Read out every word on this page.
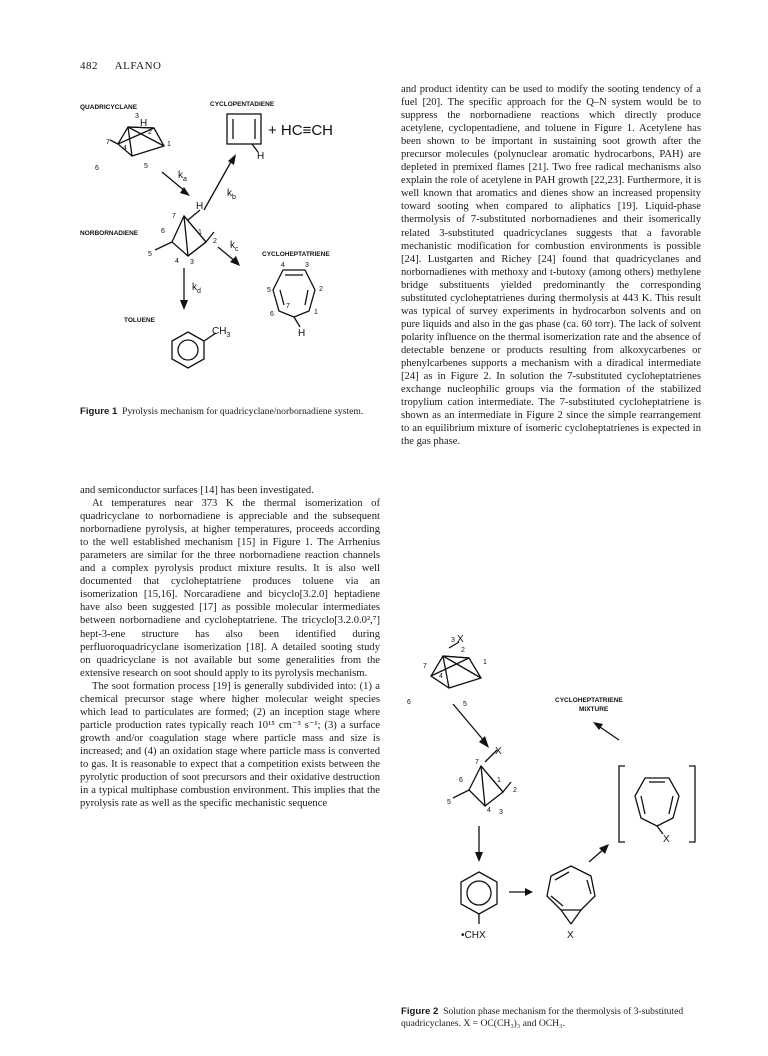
482 ALFANO
QUADRICYCLANE	CYCLOPENTADIENE
3
H
2
4
7	1
6	5
H
+ HC≡CH
$k_a$
$k_b$
NORBORNADIENE
H
7
6
2
5
4 3
1
$k_c$
CYCLOHEPTATRIENE
4	3
5	2
6
7
1
H
$k_d$
TOLUENE
$CH_3$
Figure 1 Pyrolysis mechanism for quadricyclane/norbornadiene system.

and semiconductor surfaces [14] has been investigated.

At temperatures near 373 K the thermal isomerization of quadricyclane to norbornadiene is appreciable and the subsequent norbornadiene pyrolysis, at higher temperatures, proceeds according to the well established mechanism [15] in Figure 1. The Arrhenius parameters are similar for the three norbornadiene reaction channels and a complex pyrolysis product mixture results. It is also well documented that cycloheptatriene produces toluene via an isomerization [15,16]. Norcaradiene and bicyclo[3.2.0] heptadiene have also been suggested [17] as possible molecular intermediates between norbornadiene and cycloheptatriene. The tricyclo[3.2.0.0²,⁷] hept-3-ene structure has also been identified during perfluoroquadricyclane isomerization [18]. A detailed sooting study on quadricyclane is not available but some generalities from the extensive research on soot should apply to its pyrolysis mechanism.

The soot formation process [19] is generally subdivided into: (1) a chemical precursor stage where higher molecular weight species which lead to particulates are formed; (2) an inception stage where particle production rates typically reach 10¹⁵ cm⁻³ s⁻¹; (3) a surface growth and/or coagulation stage where particle mass and size is increased; and (4) an oxidation stage where particle mass is converted to gas. It is reasonable to expect that a competition exists between the pyrolytic production of soot precursors and their oxidative destruction in a typical multiphase combustion environment. This implies that the pyrolysis rate as well as the specific mechanistic sequence

and product identity can be used to modify the sooting tendency of a fuel [20]. The specific approach for the Q–N system would be to suppress the norbornadiene reactions which directly produce acetylene, cyclopentadiene, and toluene in Figure 1. Acetylene has been shown to be important in sustaining soot growth after the precursor molecules (polynuclear aromatic hydrocarbons, PAH) are depleted in premixed flames [21]. Two free radical mechanisms also explain the role of acetylene in PAH growth [22,23]. Furthermore, it is well known that aromatics and dienes show an increased propensity toward sooting when compared to aliphatics [19]. Liquid-phase thermolysis of 7-substituted norbornadienes and their isomerically related 3-substituted quadricyclanes suggests that a favorable mechanistic modification for combustion environments is possible [24]. Lustgarten and Richey [24] found that quadricyclanes and norbornadienes with methoxy and t-butoxy (among others) methylene bridge substituents yielded predominantly the corresponding substituted cycloheptatrienes during thermolysis at 443 K. This result was typical of survey experiments in hydrocarbon solvents and on pure liquids and also in the gas phase (ca. 60 torr). The lack of solvent polarity influence on the thermal isomerization rate and the absence of detectable benzene or products resulting from alkoxycarbenes or phenylcarbenes supports a mechanism with a diradical intermediate [24] as in Figure 2. In solution the 7-substituted cycloheptatrienes exchange nucleophilic groups via the formation of the stabilized tropylium cation intermediate. The 7-substituted cycloheptatriene is shown as an intermediate in Figure 2 since the simple rearrangement to an equilibrium mixture of isomeric cycloheptatrienes is expected in the gas phase.

3 X
2
7
4
1
6	5
CYCLOHEPTATRIENE
MIXTURE
7
X
6	1
2
5
4 3
•CHX	X
X
Figure 2 Solution phase mechanism for the thermolysis of 3-substituted quadricyclanes. X = OC(CH₃)₃ and OCH₃.
